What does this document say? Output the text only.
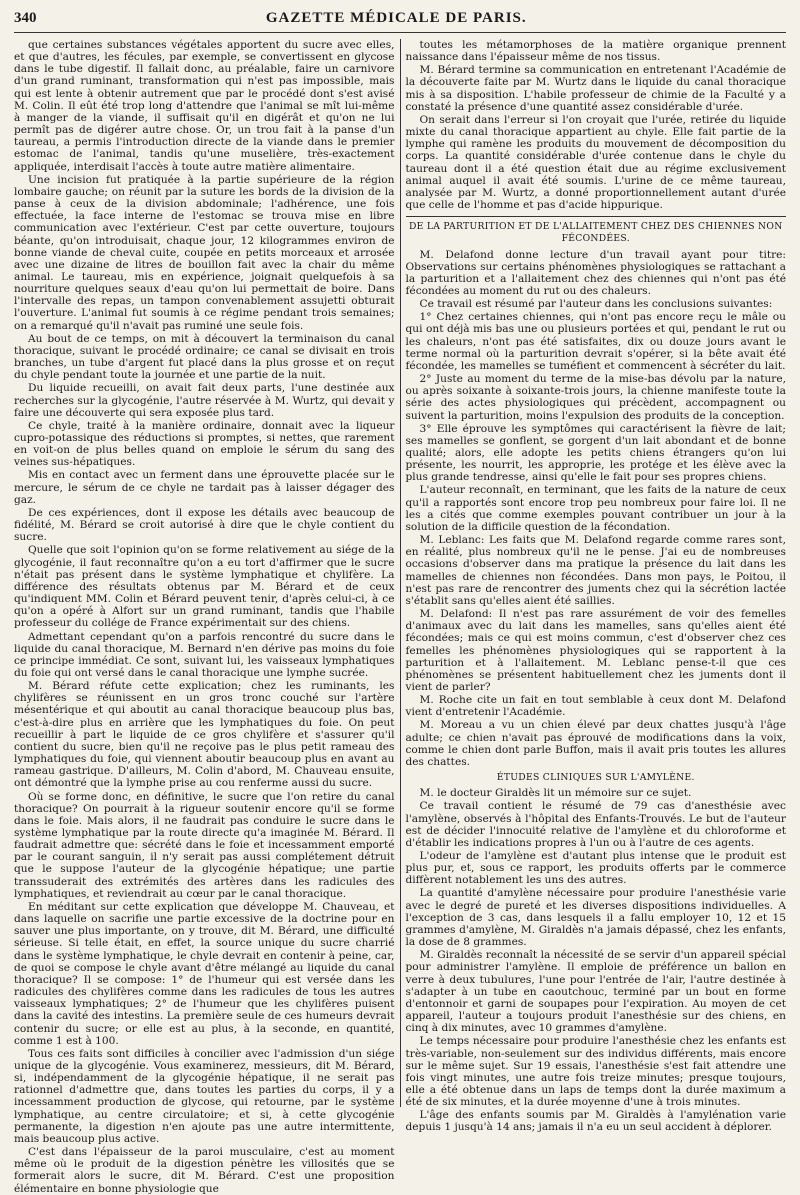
340	GAZETTE MÉDICALE DE PARIS.

que certaines substances végétales apportent du sucre avec elles, et que d'autres, les fécules, par exemple, se convertissent en glycose dans le tube digestif. Il fallait donc, au préalable, faire un carnivore d'un grand ruminant, transformation qui n'est pas impossible, mais qui est lente à obtenir autrement que par le procédé dont s'est avisé M. Colin. Il eût été trop long d'attendre que l'animal se mît lui-même à manger de la viande, il suffisait qu'il en digérât et qu'on ne lui permît pas de digérer autre chose. Or, un trou fait à la panse d'un taureau, a permis l'introduction directe de la viande dans le premier estomac de l'animal, tandis qu'une muselière, très-exactement appliquée, interdisait l'accès à toute autre matière alimentaire.

Une incision fut pratiquée à la partie supérieure de la région lombaire gauche; on réunit par la suture les bords de la division de la panse à ceux de la division abdominale; l'adhérence, une fois effectuée, la face interne de l'estomac se trouva mise en libre communication avec l'extérieur. C'est par cette ouverture, toujours béante, qu'on introduisait, chaque jour, 12 kilogrammes environ de bonne viande de cheval cuite, coupée en petits morceaux et arrosée avec une dizaine de litres de bouillon fait avec la chair du même animal. Le taureau, mis en expérience, joignait quelquefois à sa nourriture quelques seaux d'eau qu'on lui permettait de boire. Dans l'intervalle des repas, un tampon convenablement assujetti obturait l'ouverture. L'animal fut soumis à ce régime pendant trois semaines; on a remarqué qu'il n'avait pas ruminé une seule fois.

Au bout de ce temps, on mit à découvert la terminaison du canal thoracique, suivant le procédé ordinaire; ce canal se divisait en trois branches, un tube d'argent fut placé dans la plus grosse et on reçut du chyle pendant toute la journée et une partie de la nuit.

Du liquide recueilli, on avait fait deux parts, l'une destinée aux recherches sur la glycogénie, l'autre réservée à M. Wurtz, qui devait y faire une découverte qui sera exposée plus tard.

Ce chyle, traité à la manière ordinaire, donnait avec la liqueur cupro-potassique des réductions si promptes, si nettes, que rarement en voit-on de plus belles quand on emploie le sérum du sang des veines sus-hépatiques.

Mis en contact avec un ferment dans une éprouvette placée sur le mercure, le sérum de ce chyle ne tardait pas à laisser dégager des gaz.

De ces expériences, dont il expose les détails avec beaucoup de fidélité, M. Bérard se croit autorisé à dire que le chyle contient du sucre.

Quelle que soit l'opinion qu'on se forme relativement au siége de la glycogénie, il faut reconnaître qu'on a eu tort d'affirmer que le sucre n'était pas présent dans le système lymphatique et chylifère. La différence des résultats obtenus par M. Bérard et de ceux qu'indiquent MM. Colin et Bérard peuvent tenir, d'après celui-ci, à ce qu'on a opéré à Alfort sur un grand ruminant, tandis que l'habile professeur du collége de France expérimentait sur des chiens.

Admettant cependant qu'on a parfois rencontré du sucre dans le liquide du canal thoracique, M. Bernard n'en dérive pas moins du foie ce principe immédiat. Ce sont, suivant lui, les vaisseaux lymphatiques du foie qui ont versé dans le canal thoracique une lymphe sucrée.

M. Bérard réfute cette explication; chez les ruminants, les chylifères se réunissent en un gros tronc couché sur l'artère mésentérique et qui aboutit au canal thoracique beaucoup plus bas, c'est-à-dire plus en arrière que les lymphatiques du foie. On peut recueillir à part le liquide de ce gros chylifère et s'assurer qu'il contient du sucre, bien qu'il ne reçoive pas le plus petit rameau des lymphatiques du foie, qui viennent aboutir beaucoup plus en avant au rameau gastrique. D'ailleurs, M. Colin d'abord, M. Chauveau ensuite, ont démontré que la lymphe prise au cou renferme aussi du sucre.

Où se forme donc, en définitive, le sucre que l'on retire du canal thoracique? On pourrait à la rigueur soutenir encore qu'il se forme dans le foie. Mais alors, il ne faudrait pas conduire le sucre dans le système lymphatique par la route directe qu'a imaginée M. Bérard. Il faudrait admettre que: sécrété dans le foie et incessamment emporté par le courant sanguin, il n'y serait pas aussi complétement détruit que le suppose l'auteur de la glycogénie hépatique; une partie transsuderait des extrémités des artères dans les radicules des lymphatiques, et reviendrait au cœur par le canal thoracique.

En méditant sur cette explication que développe M. Chauveau, et dans laquelle on sacrifie une partie excessive de la doctrine pour en sauver une plus importante, on y trouve, dit M. Bérard, une difficulté sérieuse. Si telle était, en effet, la source unique du sucre charrié dans le système lymphatique, le chyle devrait en contenir à peine, car, de quoi se compose le chyle avant d'être mélangé au liquide du canal thoracique? Il se compose: 1° de l'humeur qui est versée dans les radicules des chylifères comme dans les radicules de tous les autres vaisseaux lymphatiques; 2° de l'humeur que les chylifères puisent dans la cavité des intestins. La première seule de ces humeurs devrait contenir du sucre; or elle est au plus, à la seconde, en quantité, comme 1 est à 100.

Tous ces faits sont difficiles à concilier avec l'admission d'un siége unique de la glycogénie. Vous examinerez, messieurs, dit M. Bérard, si, indépendamment de la glycogénie hépatique, il ne serait pas rationnel d'admettre que, dans toutes les parties du corps, il y a incessamment production de glycose, qui retourne, par le système lymphatique, au centre circulatoire; et si, à cette glycogénie permanente, la digestion n'en ajoute pas une autre intermittente, mais beaucoup plus active.

C'est dans l'épaisseur de la paroi musculaire, c'est au moment même où le produit de la digestion pénètre les villosités que se formerait alors le sucre, dit M. Bérard. C'est une proposition élémentaire en bonne physiologie que

toutes les métamorphoses de la matière organique prennent naissance dans l'épaisseur même de nos tissus.

M. Bérard termine sa communication en entretenant l'Académie de la découverte faite par M. Wurtz dans le liquide du canal thoracique mis à sa disposition. L'habile professeur de chimie de la Faculté y a constaté la présence d'une quantité assez considérable d'urée.

On serait dans l'erreur si l'on croyait que l'urée, retirée du liquide mixte du canal thoracique appartient au chyle. Elle fait partie de la lymphe qui ramène les produits du mouvement de décomposition du corps. La quantité considérable d'urée contenue dans le chyle du taureau dont il a été question était due au régime exclusivement animal auquel il avait été soumis. L'urine de ce même taureau, analysée par M. Wurtz, a donné proportionnellement autant d'urée que celle de l'homme et pas d'acide hippurique.

DE LA PARTURITION ET DE L'ALLAITEMENT CHEZ DES CHIENNES NON FÉCONDÉES.

M. Delafond donne lecture d'un travail ayant pour titre: Observations sur certains phénomènes physiologiques se rattachant a la parturition et a l'allaitement chez des chiennes qui n'ont pas été fécondées au moment du rut ou des chaleurs.

Ce travail est résumé par l'auteur dans les conclusions suivantes:

1° Chez certaines chiennes, qui n'ont pas encore reçu le mâle ou qui ont déjà mis bas une ou plusieurs portées et qui, pendant le rut ou les chaleurs, n'ont pas été satisfaites, dix ou douze jours avant le terme normal où la parturition devrait s'opérer, si la bête avait été fécondée, les mamelles se tuméfient et commencent à sécréter du lait.

2° Juste au moment du terme de la mise-bas dévolu par la nature, ou après soixante à soixante-trois jours, la chienne manifeste toute la série des actes physiologiques qui précèdent, accompagnent ou suivent la parturition, moins l'expulsion des produits de la conception.

3° Elle éprouve les symptômes qui caractérisent la fièvre de lait; ses mamelles se gonflent, se gorgent d'un lait abondant et de bonne qualité; alors, elle adopte les petits chiens étrangers qu'on lui présente, les nourrit, les approprie, les protége et les élève avec la plus grande tendresse, ainsi qu'elle le fait pour ses propres chiens.

L'auteur reconnaît, en terminant, que les faits de la nature de ceux qu'il a rapportés sont encore trop peu nombreux pour faire loi. Il ne les a cités que comme exemples pouvant contribuer un jour à la solution de la difficile question de la fécondation.

M. Leblanc: Les faits que M. Delafond regarde comme rares sont, en réalité, plus nombreux qu'il ne le pense. J'ai eu de nombreuses occasions d'observer dans ma pratique la présence du lait dans les mamelles de chiennes non fécondées. Dans mon pays, le Poitou, il n'est pas rare de rencontrer des juments chez qui la sécrétion lactée s'établit sans qu'elles aient été saillies.

M. Delafond: Il n'est pas rare assurément de voir des femelles d'animaux avec du lait dans les mamelles, sans qu'elles aient été fécondées; mais ce qui est moins commun, c'est d'observer chez ces femelles les phénomènes physiologiques qui se rapportent à la parturition et à l'allaitement. M. Leblanc pense-t-il que ces phénomènes se présentent habituellement chez les juments dont il vient de parler?

M. Roche cite un fait en tout semblable à ceux dont M. Delafond vient d'entretenir l'Académie.

M. Moreau a vu un chien élevé par deux chattes jusqu'à l'âge adulte; ce chien n'avait pas éprouvé de modifications dans la voix, comme le chien dont parle Buffon, mais il avait pris toutes les allures des chattes.

ÉTUDES CLINIQUES SUR L'AMYLÈNE.

M. le docteur Giraldès lit un mémoire sur ce sujet.

Ce travail contient le résumé de 79 cas d'anesthésie avec l'amylène, observés à l'hôpital des Enfants-Trouvés. Le but de l'auteur est de décider l'innocuité relative de l'amylène et du chloroforme et d'établir les indications propres à l'un ou à l'autre de ces agents.

L'odeur de l'amylène est d'autant plus intense que le produit est plus pur, et, sous ce rapport, les produits offerts par le commerce diffèrent notablement les uns des autres.

La quantité d'amylène nécessaire pour produire l'anesthésie varie avec le degré de pureté et les diverses dispositions individuelles. A l'exception de 3 cas, dans lesquels il a fallu employer 10, 12 et 15 grammes d'amylène, M. Giraldès n'a jamais dépassé, chez les enfants, la dose de 8 grammes.

M. Giraldès reconnaît la nécessité de se servir d'un appareil spécial pour administrer l'amylène. Il emploie de préférence un ballon en verre à deux tubulures, l'une pour l'entrée de l'air, l'autre destinée à s'adapter à un tube en caoutchouc, terminé par un bout en forme d'entonnoir et garni de soupapes pour l'expiration. Au moyen de cet appareil, l'auteur a toujours produit l'anesthésie sur des chiens, en cinq à dix minutes, avec 10 grammes d'amylène.

Le temps nécessaire pour produire l'anesthésie chez les enfants est très-variable, non-seulement sur des individus différents, mais encore sur le même sujet. Sur 19 essais, l'anesthésie s'est fait attendre une fois vingt minutes, une autre fois treize minutes; presque toujours, elle a été obtenue dans un laps de temps dont la durée maximum a été de six minutes, et la durée moyenne d'une à trois minutes.

L'âge des enfants soumis par M. Giraldès à l'amylénation varie depuis 1 jusqu'à 14 ans; jamais il n'a eu un seul accident à déplorer.
